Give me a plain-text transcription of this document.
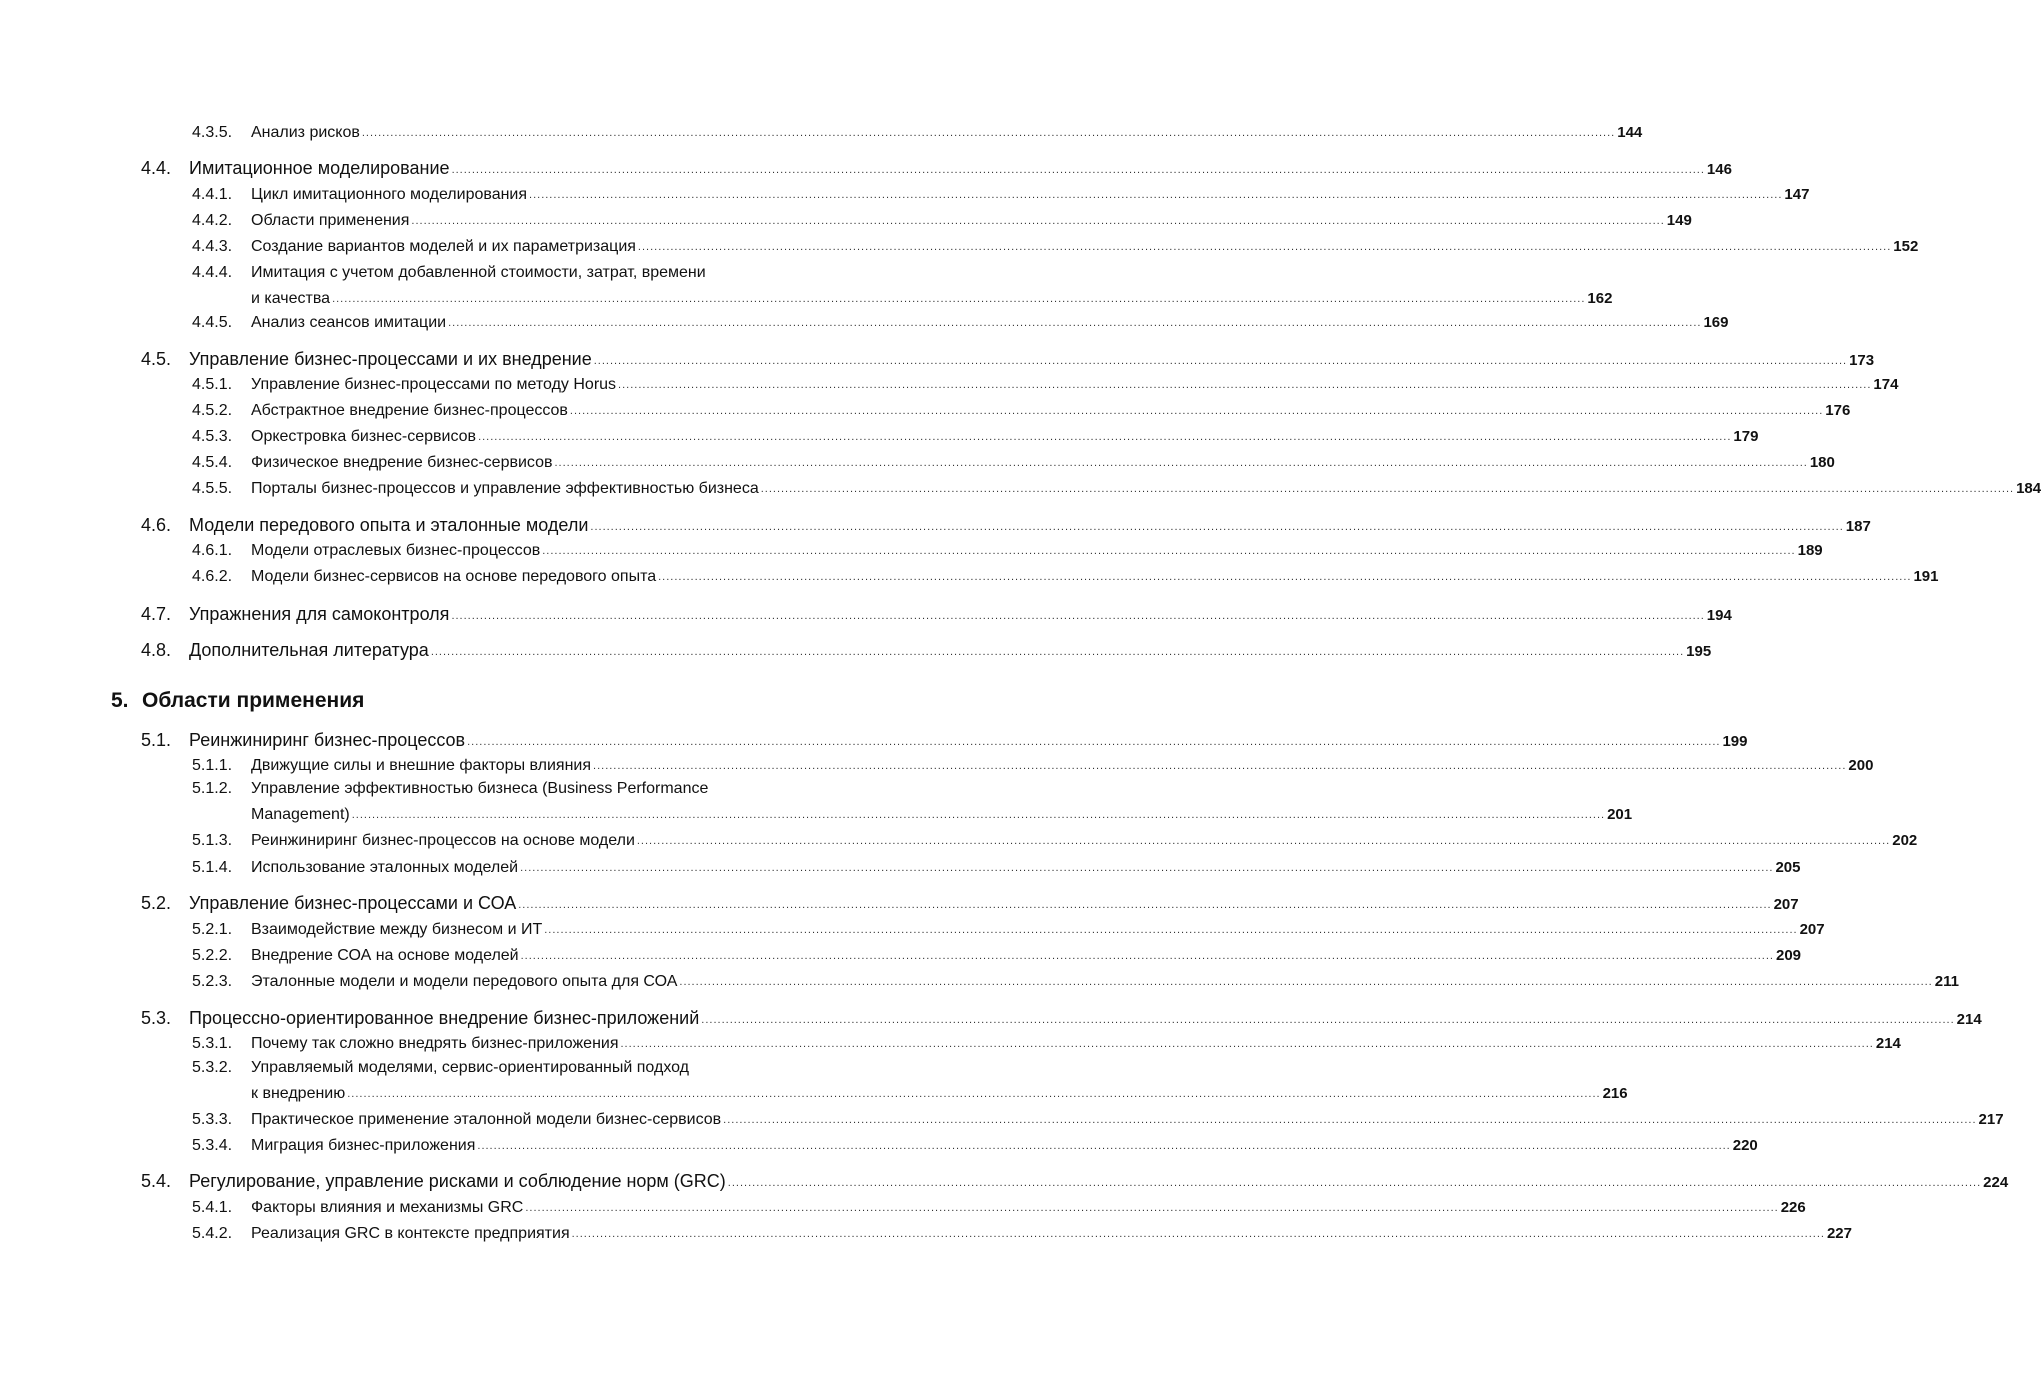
4.3.5.	Анализ рисков .....	144
4.4. Имитационное моделирование .....	146
4.4.1.	Цикл имитационного моделирования .....	147
4.4.2.	Области применения .....	149
4.4.3.	Создание вариантов моделей и их параметризация .....	152
4.4.4.	Имитация с учетом добавленной стоимости, затрат, времени
и качества .....	162
4.4.5.	Анализ сеансов имитации .....	169
4.5. Управление бизнес-процессами и их внедрение .....	173
4.5.1.	Управление бизнес-процессами по методу Horus .....	174
4.5.2.	Абстрактное внедрение бизнес-процессов .....	176
4.5.3.	Оркестровка бизнес-сервисов .....	179
4.5.4.	Физическое внедрение бизнес-сервисов .....	180
4.5.5.	Порталы бизнес-процессов и управление эффективностью бизнеса .....	184
4.6. Модели передового опыта и эталонные модели .....	187
4.6.1.	Модели отраслевых бизнес-процессов .....	189
4.6.2.	Модели бизнес-сервисов на основе передового опыта .....	191
4.7. Упражнения для самоконтроля .....	194
4.8. Дополнительная литература .....	195
5. Области применения
5.1. Реинжиниринг бизнес-процессов .....	199
5.1.1.	Движущие силы и внешние факторы влияния .....	200
5.1.2.	Управление эффективностью бизнеса (Business Performance
Management) .....	201
5.1.3.	Реинжиниринг бизнес-процессов на основе модели .....	202
5.1.4.	Использование эталонных моделей .....	205
5.2. Управление бизнес-процессами и СОА .....	207
5.2.1.	Взаимодействие между бизнесом и ИТ .....	207
5.2.2.	Внедрение СОА на основе моделей .....	209
5.2.3.	Эталонные модели и модели передового опыта для СОА .....	211
5.3. Процессно-ориентированное внедрение бизнес-приложений .....	214
5.3.1.	Почему так сложно внедрять бизнес-приложения .....	214
5.3.2.	Управляемый моделями, сервис-ориентированный подход
к внедрению .....	216
5.3.3.	Практическое применение эталонной модели бизнес-сервисов .....	217
5.3.4.	Миграция бизнес-приложения .....	220
5.4. Регулирование, управление рисками и соблюдение норм (GRC) .....	224
5.4.1.	Факторы влияния и механизмы GRC .....	226
5.4.2.	Реализация GRC в контексте предприятия .....	227
